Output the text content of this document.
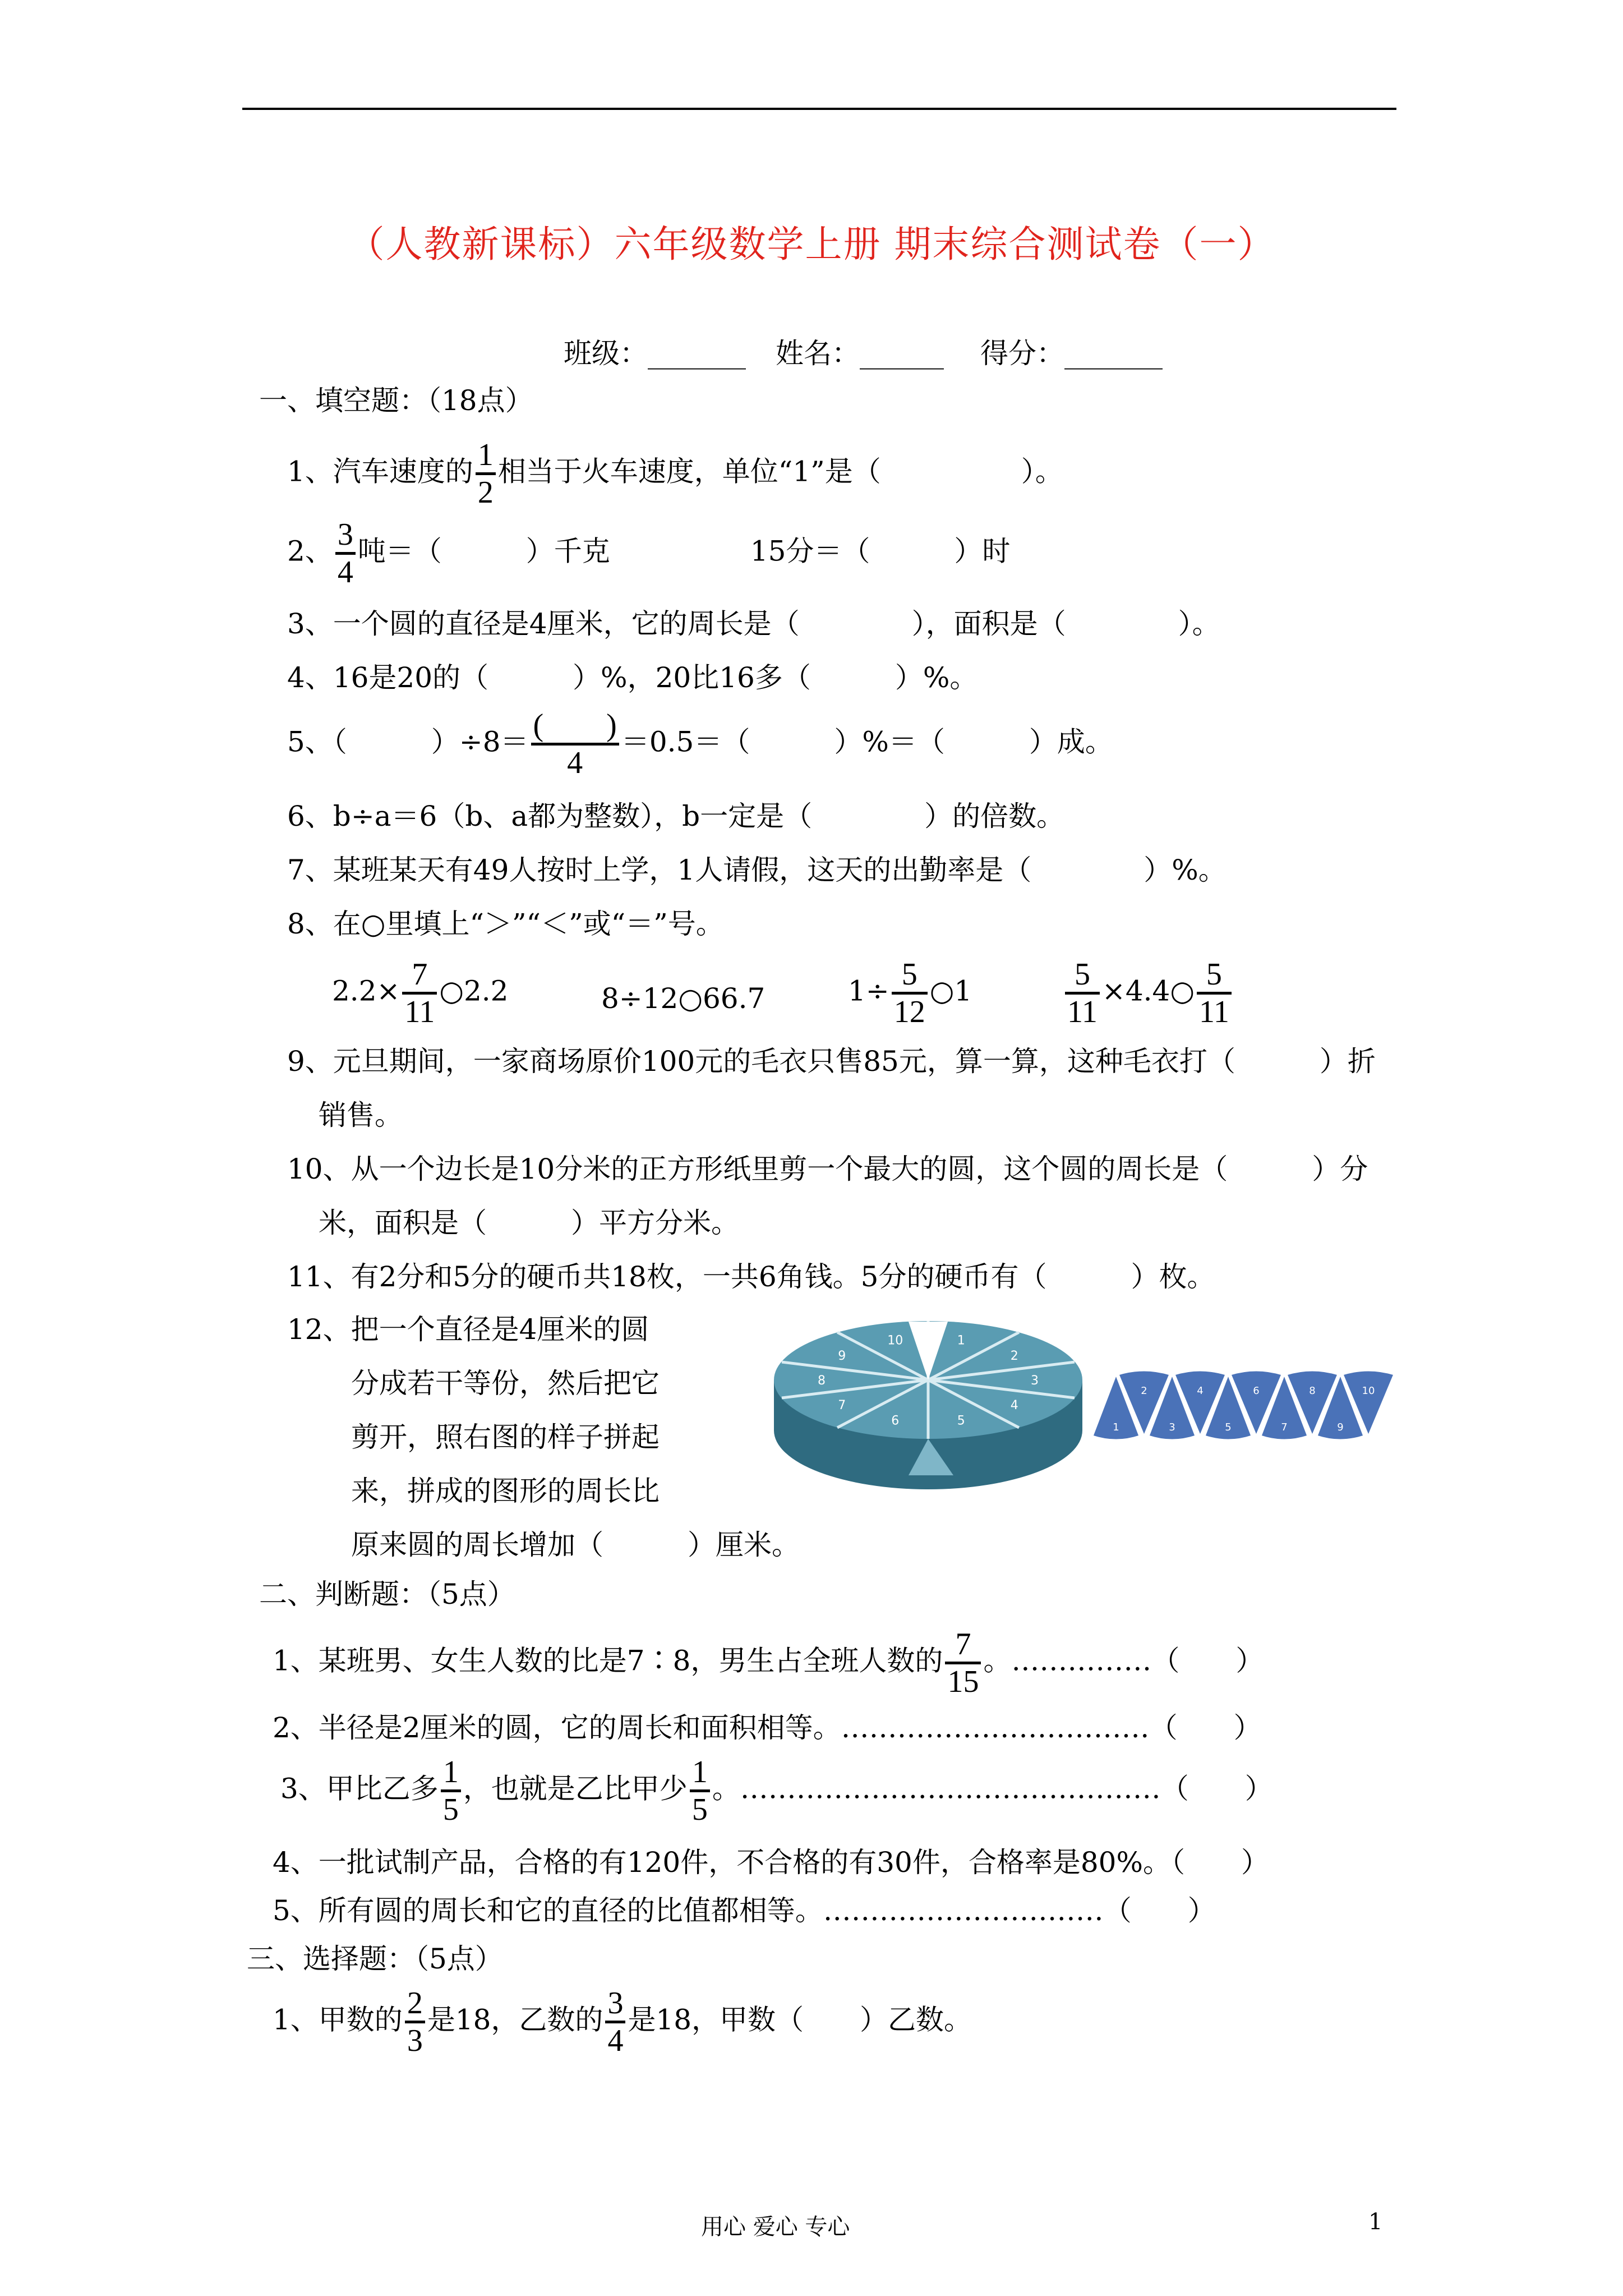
（人教新课标）六年级数学上册 期末综合测试卷（一）
班级：_______ 姓名：______ 得分：_______
一、填空题：（18点）
1、汽车速度的 1
2
相当于火车速度，单位“1”是（　　　　　）。
2、 3
4
吨＝（　　　）千克　　　　　15分＝（　　　）时
3、一个圆的直径是4厘米，它的周长是（　　　　），面积是（　　　　）。
4、16是20的（　　　）%，20比16多（　　　）%。
5、（　　　）÷8＝ (　　)
4
＝0.5＝（　　　）%＝（　　　）成。
6、b÷a＝6（b、a都为整数），b一定是（　　　　）的倍数。
7、某班某天有49人按时上学，1人请假，这天的出勤率是（　　　　）%。
8、在○里填上“＞”“＜”或“＝”号。
2.2× 7
11
○2.2	8÷12○66.7	1÷ 5
12
○1	5
11
×4.4○ 5
11
9、元旦期间，一家商场原价100元的毛衣只售85元，算一算，这种毛衣打（　　　）折
销售。
10、从一个边长是10分米的正方形纸里剪一个最大的圆，这个圆的周长是（　　　）分
米，面积是（　　　）平方分米。
11、有2分和5分的硬币共18枚，一共6角钱。5分的硬币有（　　　）枚。
12、把一个直径是4厘米的圆
分成若干等份，然后把它
剪开，照右图的样子拼起
来，拼成的图形的周长比
原来圆的周长增加（　　　）厘米。
1
2
3
4
5
6
7
8
9
10
2	4	6	8	10
1	3	5	7	9
二、判断题：（5点）
1、某班男、女生人数的比是7∶8，男生占全班人数的 7
15
。……………（　　）
2、半径是2厘米的圆，它的周长和面积相等。……………………………（　　）
3、甲比乙多 1
5
，也就是乙比甲少 1
5
。………………………………………（　　）
4、一批试制产品，合格的有120件，不合格的有30件，合格率是80%。（　　）
5、所有圆的周长和它的直径的比值都相等。…………………………（　　）
三、选择题：（5点）
1、甲数的 2
3
是18，乙数的 3
4
是18，甲数（　　）乙数。
用心 爱心 专心	1
